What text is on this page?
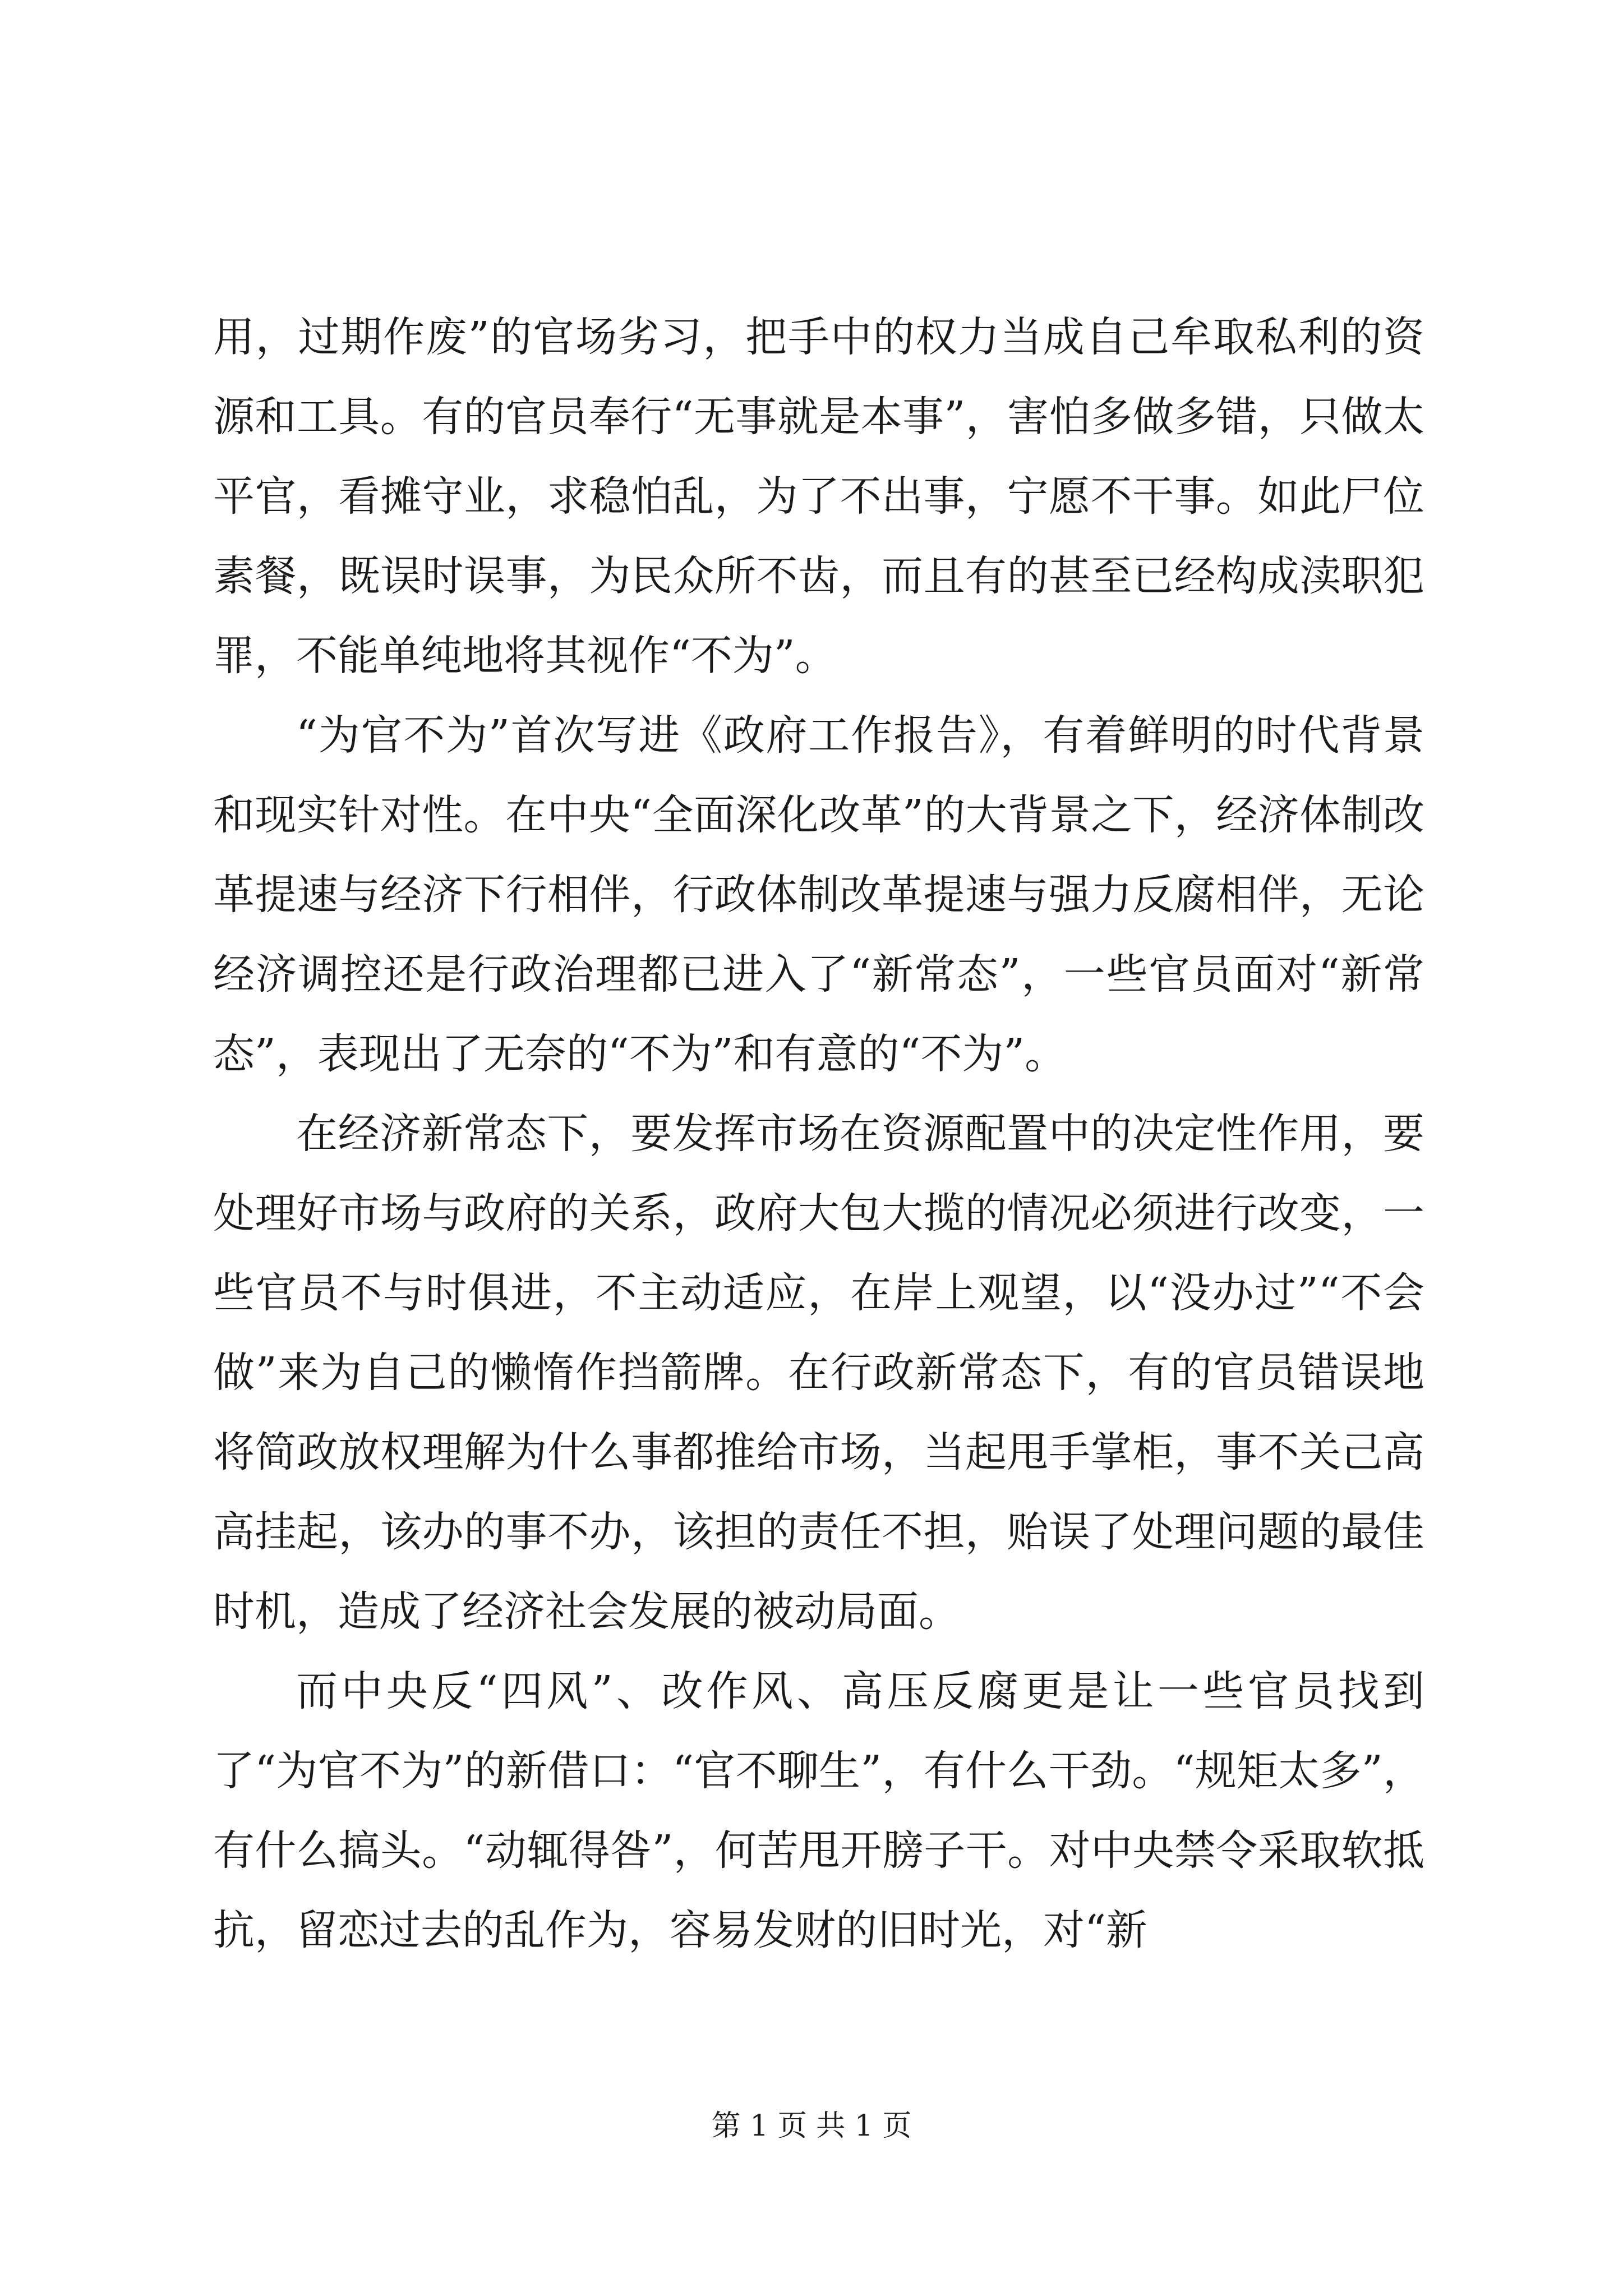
用，过期作废”的官场劣习，把手中的权力当成自己牟取私利的资源和工具。有的官员奉行“无事就是本事”，害怕多做多错，只做太平官，看摊守业，求稳怕乱，为了不出事，宁愿不干事。如此尸位素餐，既误时误事，为民众所不齿，而且有的甚至已经构成渎职犯罪，不能单纯地将其视作“不为”。

“为官不为”首次写进《政府工作报告》，有着鲜明的时代背景和现实针对性。在中央“全面深化改革”的大背景之下，经济体制改革提速与经济下行相伴，行政体制改革提速与强力反腐相伴，无论经济调控还是行政治理都已进入了“新常态”，一些官员面对“新常态”，表现出了无奈的“不为”和有意的“不为”。

在经济新常态下，要发挥市场在资源配置中的决定性作用，要处理好市场与政府的关系，政府大包大揽的情况必须进行改变，一些官员不与时俱进，不主动适应，在岸上观望，以“没办过”“不会做”来为自己的懒惰作挡箭牌。在行政新常态下，有的官员错误地将简政放权理解为什么事都推给市场，当起甩手掌柜，事不关己高高挂起，该办的事不办，该担的责任不担，贻误了处理问题的最佳时机，造成了经济社会发展的被动局面。

而中央反“四风”、改作风、高压反腐更是让一些官员找到了“为官不为”的新借口：“官不聊生”，有什么干劲。“规矩太多”，有什么搞头。“动辄得咎”，何苦甩开膀子干。对中央禁令采取软抵抗，留恋过去的乱作为，容易发财的旧时光，对“新

第 1 页 共 1 页
